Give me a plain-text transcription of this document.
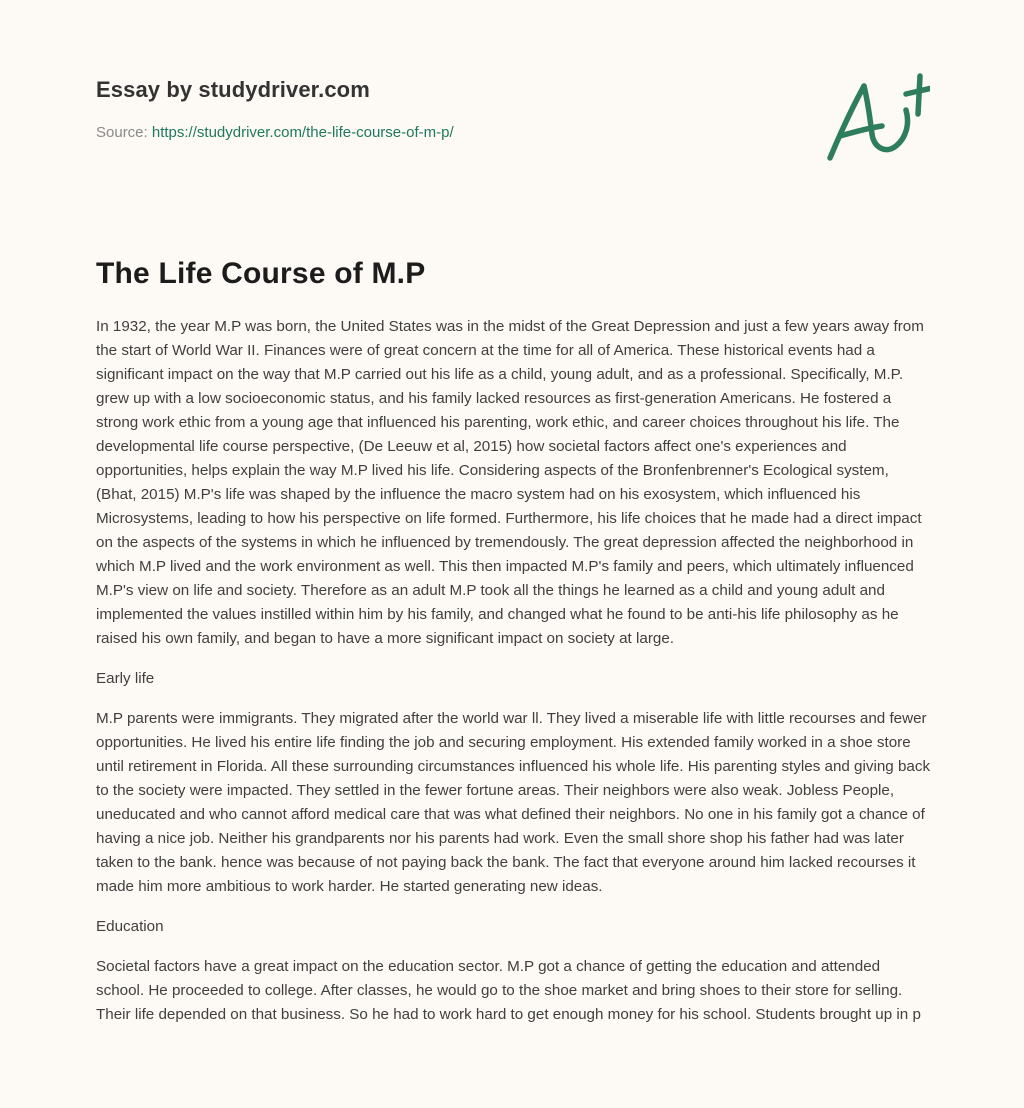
Essay by studydriver.com
Source: https://studydriver.com/the-life-course-of-m-p/
The Life Course of M.P

In 1932, the year M.P was born, the United States was in the midst of the Great Depression and just a few years away from the start of World War II. Finances were of great concern at the time for all of America. These historical events had a significant impact on the way that M.P carried out his life as a child, young adult, and as a professional. Specifically, M.P. grew up with a low socioeconomic status, and his family lacked resources as first-generation Americans. He fostered a strong work ethic from a young age that influenced his parenting, work ethic, and career choices throughout his life. The developmental life course perspective, (De Leeuw et al, 2015) how societal factors affect one's experiences and opportunities, helps explain the way M.P lived his life. Considering aspects of the Bronfenbrenner's Ecological system, (Bhat, 2015) M.P's life was shaped by the influence the macro system had on his exosystem, which influenced his Microsystems, leading to how his perspective on life formed. Furthermore, his life choices that he made had a direct impact on the aspects of the systems in which he influenced by tremendously. The great depression affected the neighborhood in which M.P lived and the work environment as well. This then impacted M.P's family and peers, which ultimately influenced M.P's view on life and society. Therefore as an adult M.P took all the things he learned as a child and young adult and implemented the values instilled within him by his family, and changed what he found to be anti-his life philosophy as he raised his own family, and began to have a more significant impact on society at large.

Early life

M.P parents were immigrants. They migrated after the world war ll. They lived a miserable life with little recourses and fewer opportunities. He lived his entire life finding the job and securing employment. His extended family worked in a shoe store until retirement in Florida. All these surrounding circumstances influenced his whole life. His parenting styles and giving back to the society were impacted. They settled in the fewer fortune areas. Their neighbors were also weak. Jobless People, uneducated and who cannot afford medical care that was what defined their neighbors. No one in his family got a chance of having a nice job. Neither his grandparents nor his parents had work. Even the small shore shop his father had was later taken to the bank. hence was because of not paying back the bank. The fact that everyone around him lacked recourses it made him more ambitious to work harder. He started generating new ideas.

Education

Societal factors have a great impact on the education sector. M.P got a chance of getting the education and attended school. He proceeded to college. After classes, he would go to the shoe market and bring shoes to their store for selling. Their life depended on that business. So he had to work hard to get enough money for his school. Students brought up in p
